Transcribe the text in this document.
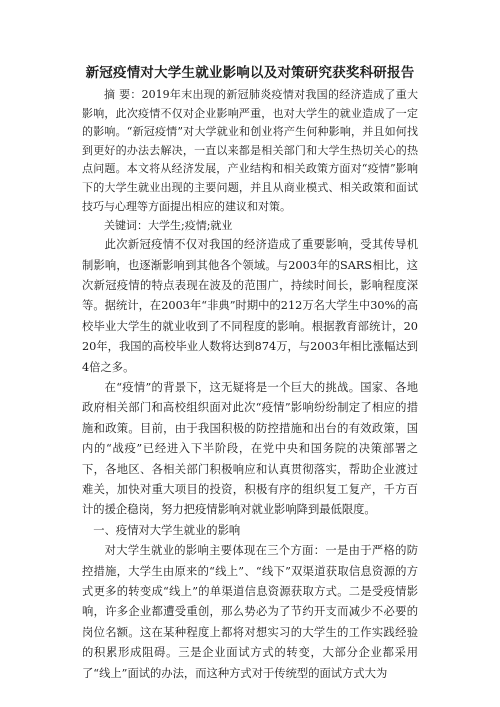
新冠疫情对大学生就业影响以及对策研究获奖科研报告

摘 要：2019年末出现的新冠肺炎疫情对我国的经济造成了重大影响，此次疫情不仅对企业影响严重，也对大学生的就业造成了一定的影响。“新冠疫情”对大学就业和创业将产生何种影响，并且如何找到更好的办法去解决，一直以来都是相关部门和大学生热切关心的热点问题。本文将从经济发展，产业结构和相关政策方面对“疫情”影响下的大学生就业出现的主要问题，并且从商业模式、相关政策和面试技巧与心理等方面提出相应的建议和对策。

关键词：大学生;疫情;就业

此次新冠疫情不仅对我国的经济造成了重要影响，受其传导机制影响，也逐渐影响到其他各个领域。与2003年的SARS相比，这次新冠疫情的特点表现在波及的范围广，持续时间长，影响程度深等。据统计，在2003年“非典”时期中的212万名大学生中30%的高校毕业大学生的就业收到了不同程度的影响。根据教育部统计，2020年，我国的高校毕业人数将达到874万，与2003年相比涨幅达到4倍之多。

在“疫情”的背景下，这无疑将是一个巨大的挑战。国家、各地政府相关部门和高校组织面对此次“疫情”影响纷纷制定了相应的措施和政策。目前，由于我国积极的防控措施和出台的有效政策，国内的“战疫”已经进入下半阶段，在党中央和国务院的决策部署之下，各地区、各相关部门积极响应和认真贯彻落实，帮助企业渡过难关，加快对重大项目的投资，积极有序的组织复工复产，千方百计的援企稳岗，努力把疫情影响对就业影响降到最低限度。

一、疫情对大学生就业的影响

对大学生就业的影响主要体现在三个方面：一是由于严格的防控措施，大学生由原来的“线上”、“线下”双渠道获取信息资源的方式更多的转变成“线上”的单渠道信息资源获取方式。二是受疫情影响，许多企业都遭受重创，那么势必为了节约开支而减少不必要的岗位名额。这在某种程度上都将对想实习的大学生的工作实践经验的积累形成阻碍。三是企业面试方式的转变，大部分企业都采用了“线上”面试的办法，而这种方式对于传统型的面试方式大为
